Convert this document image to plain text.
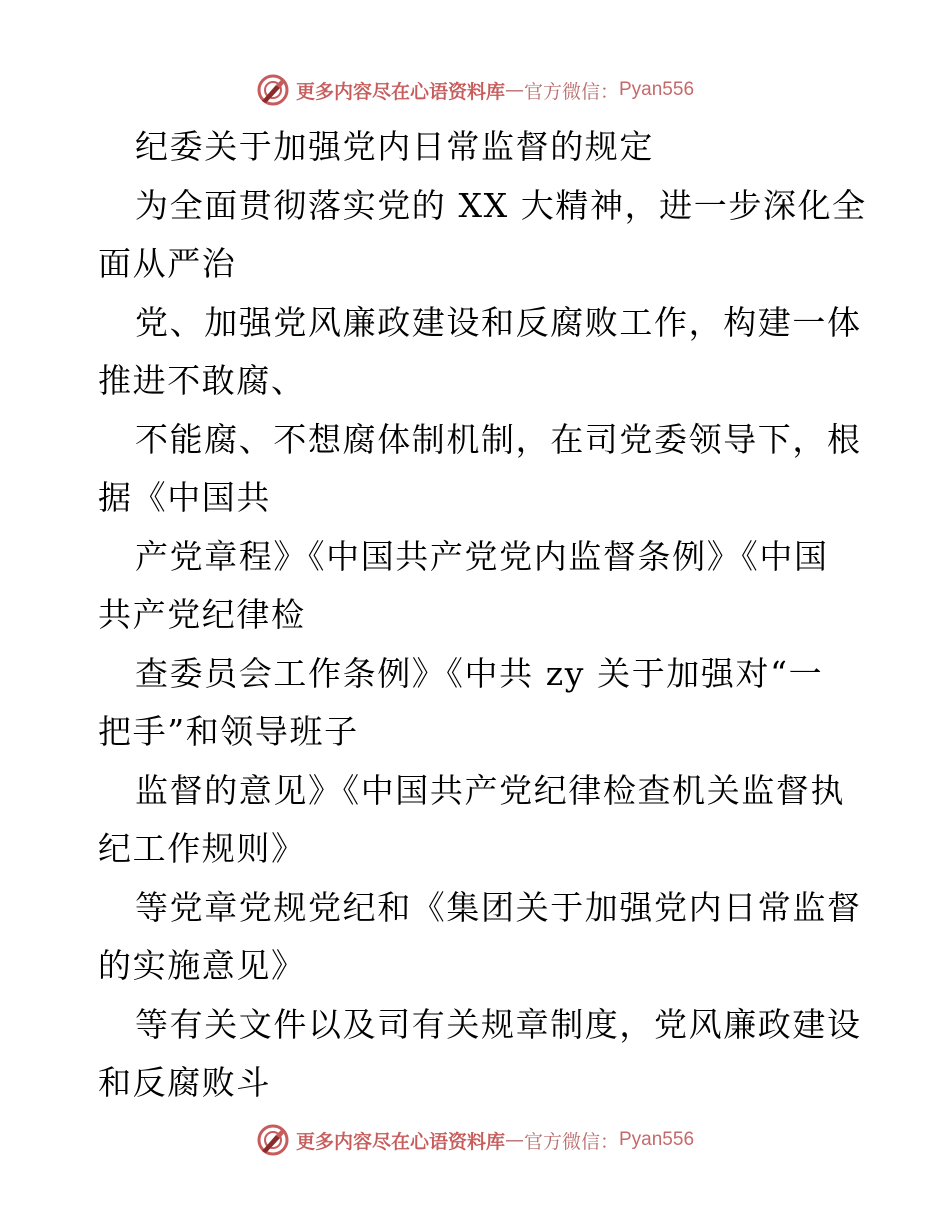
更多内容尽在心语资料库 — 官方微信： Pyan556
纪委关于加强党内日常监督的规定
为全面贯彻落实党的 XX 大精神，进一步深化全
面从严治
党、加强党风廉政建设和反腐败工作，构建一体
推进不敢腐、
不能腐、不想腐体制机制，在司党委领导下，根
据《中国共
产党章程》《中国共产党党内监督条例》《中国
共产党纪律检
查委员会工作条例》《中共 zy 关于加强对“一
把手”和领导班子
监督的意见》《中国共产党纪律检查机关监督执
纪工作规则》
等党章党规党纪和《集团关于加强党内日常监督
的实施意见》
等有关文件以及司有关规章制度，党风廉政建设
和反腐败斗
更多内容尽在心语资料库 — 官方微信： Pyan556
